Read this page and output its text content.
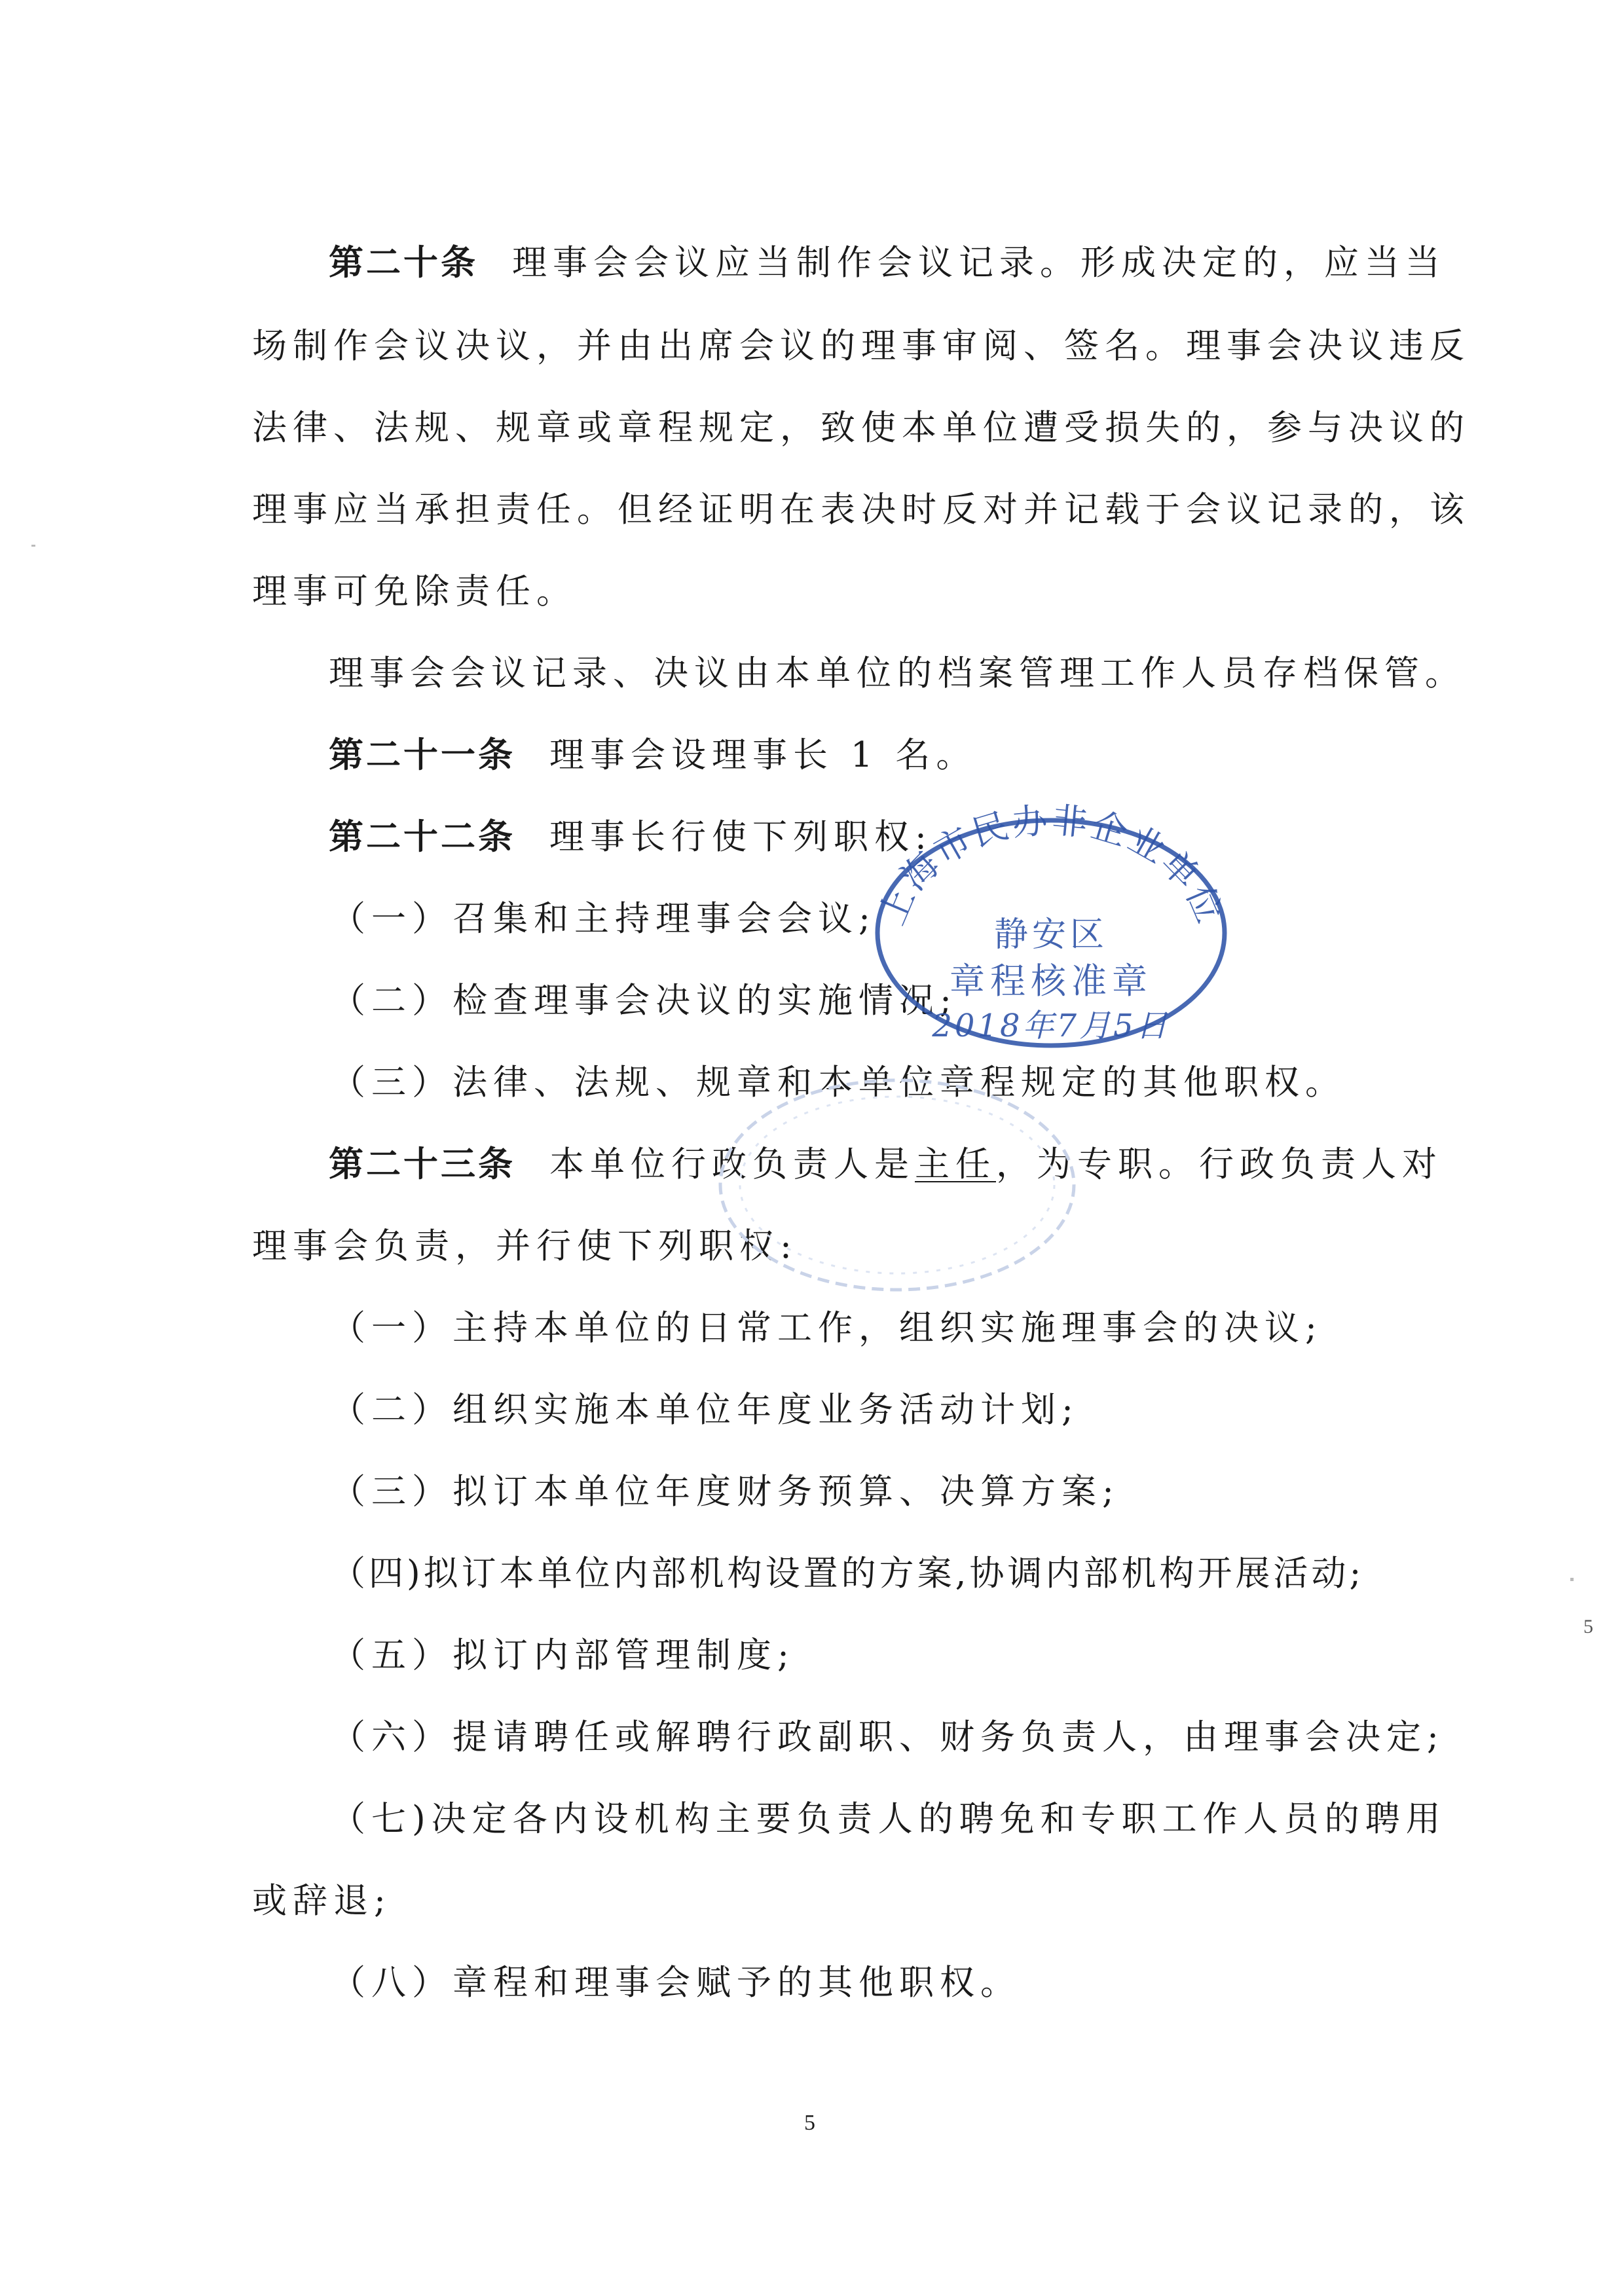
第二十条 理事会会议应当制作会议记录。形成决定的，应当当
场制作会议决议，并由出席会议的理事审阅、签名。理事会决议违反
法律、法规、规章或章程规定，致使本单位遭受损失的，参与决议的
理事应当承担责任。但经证明在表决时反对并记载于会议记录的，该
理事可免除责任。
理事会会议记录、决议由本单位的档案管理工作人员存档保管。
第二十一条 理事会设理事长 1 名。
第二十二条 理事长行使下列职权:
（一）召集和主持理事会会议;
（二）检查理事会决议的实施情况;
（三）法律、法规、规章和本单位章程规定的其他职权。
第二十三条 本单位行政负责人是主任，为专职。行政负责人对
理事会负责，并行使下列职权:
（一）主持本单位的日常工作，组织实施理事会的决议;
（二）组织实施本单位年度业务活动计划;
（三）拟订本单位年度财务预算、决算方案;
（四)拟订本单位内部机构设置的方案,协调内部机构开展活动;
（五）拟订内部管理制度;
（六）提请聘任或解聘行政副职、财务负责人，由理事会决定;
（七)决定各内设机构主要负责人的聘免和专职工作人员的聘用
或辞退;
（八）章程和理事会赋予的其他职权。
上海市民办非企业单位
静安区
章程核准章
2018年7月5日
5
5
